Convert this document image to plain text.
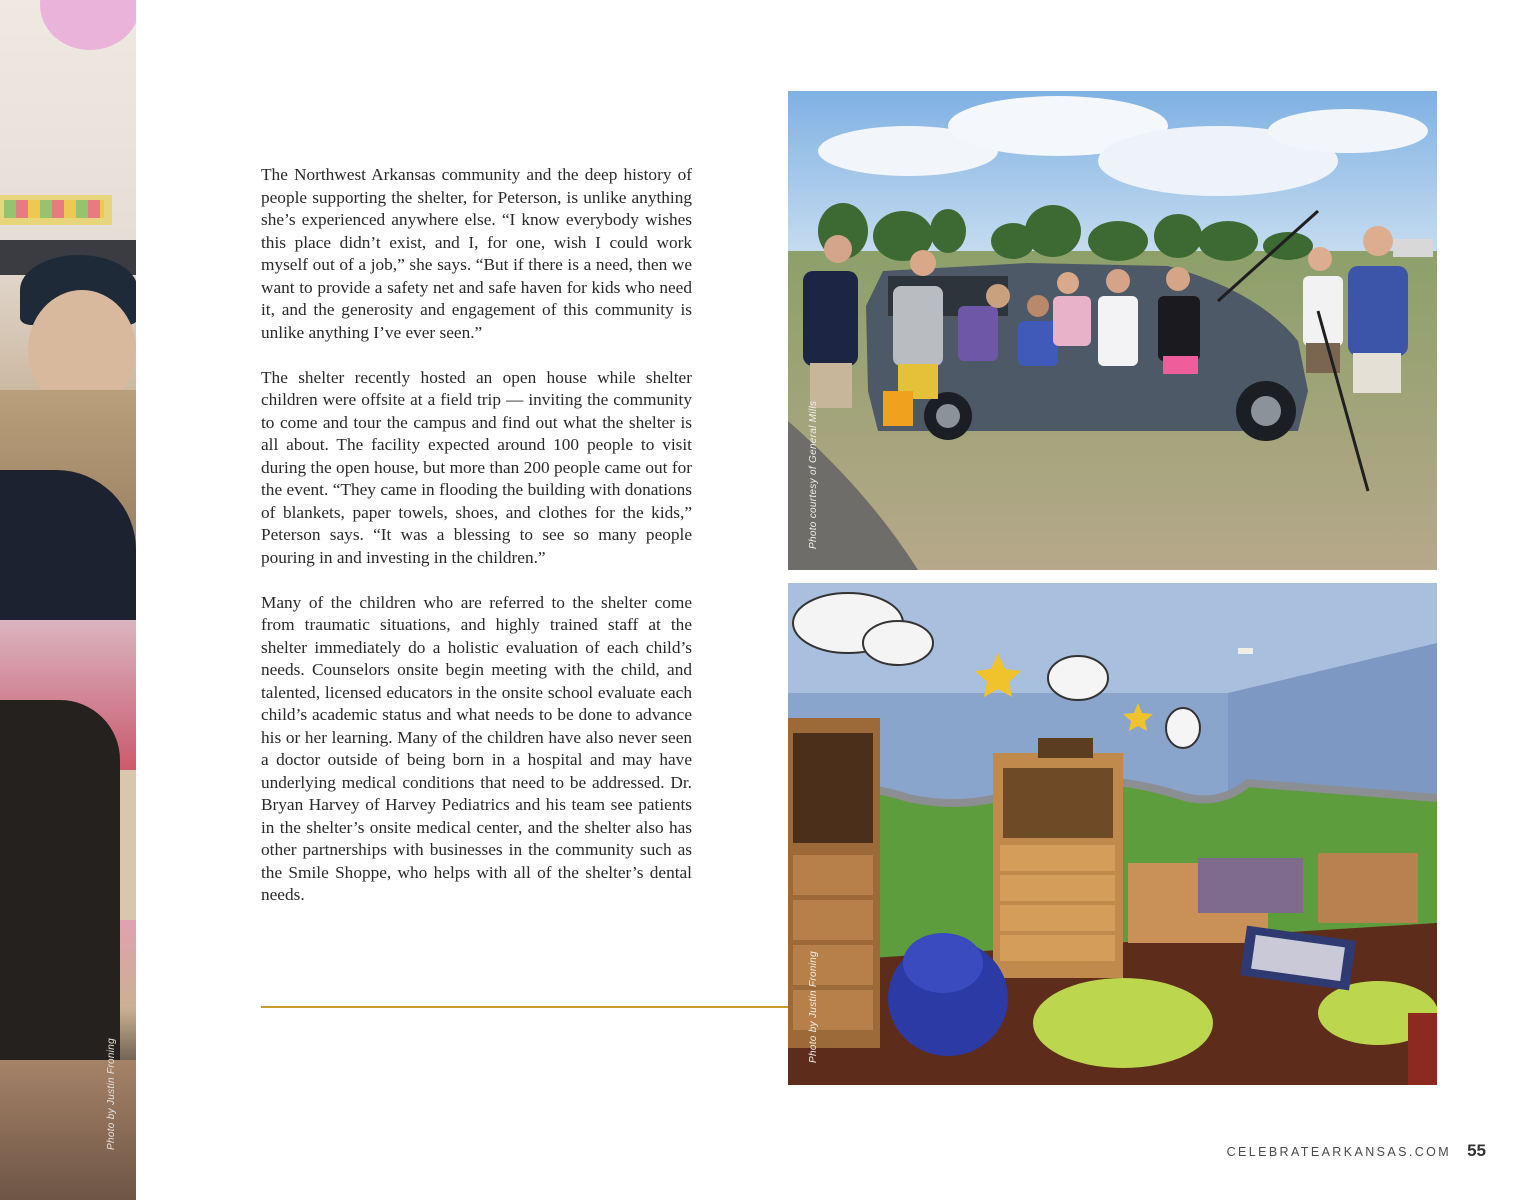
Photo by Justin Froning

The Northwest Arkansas community and the deep history of people supporting the shelter, for Peterson, is unlike anything she’s experienced anywhere else. “I know everybody wishes this place didn’t exist, and I, for one, wish I could work myself out of a job,” she says. “But if there is a need, then we want to provide a safety net and safe haven for kids who need it, and the generosity and engagement of this community is unlike anything I’ve ever seen.”

The shelter recently hosted an open house while shelter children were offsite at a field trip — inviting the community to come and tour the campus and find out what the shelter is all about. The facility expected around 100 people to visit during the open house, but more than 200 people came out for the event. “They came in flooding the building with donations of blankets, paper towels, shoes, and clothes for the kids,” Peterson says. “It was a blessing to see so many people pouring in and investing in the children.”

Many of the children who are referred to the shelter come from traumatic situations, and highly trained staff at the shelter immediately do a holistic evaluation of each child’s needs. Counselors onsite begin meeting with the child, and talented, licensed educators in the onsite school evaluate each child’s academic status and what needs to be done to advance his or her learning. Many of the children have also never seen a doctor outside of being born in a hospital and may have underlying medical conditions that need to be addressed. Dr. Bryan Harvey of Harvey Pediatrics and his team see patients in the shelter’s onsite medical center, and the shelter also has other partnerships with businesses in the community such as the Smile Shoppe, who helps with all of the shelter’s dental needs.

Photo courtesy of General Mills
Photo by Justin Froning
CELEBRATEARKANSAS.COM 55
